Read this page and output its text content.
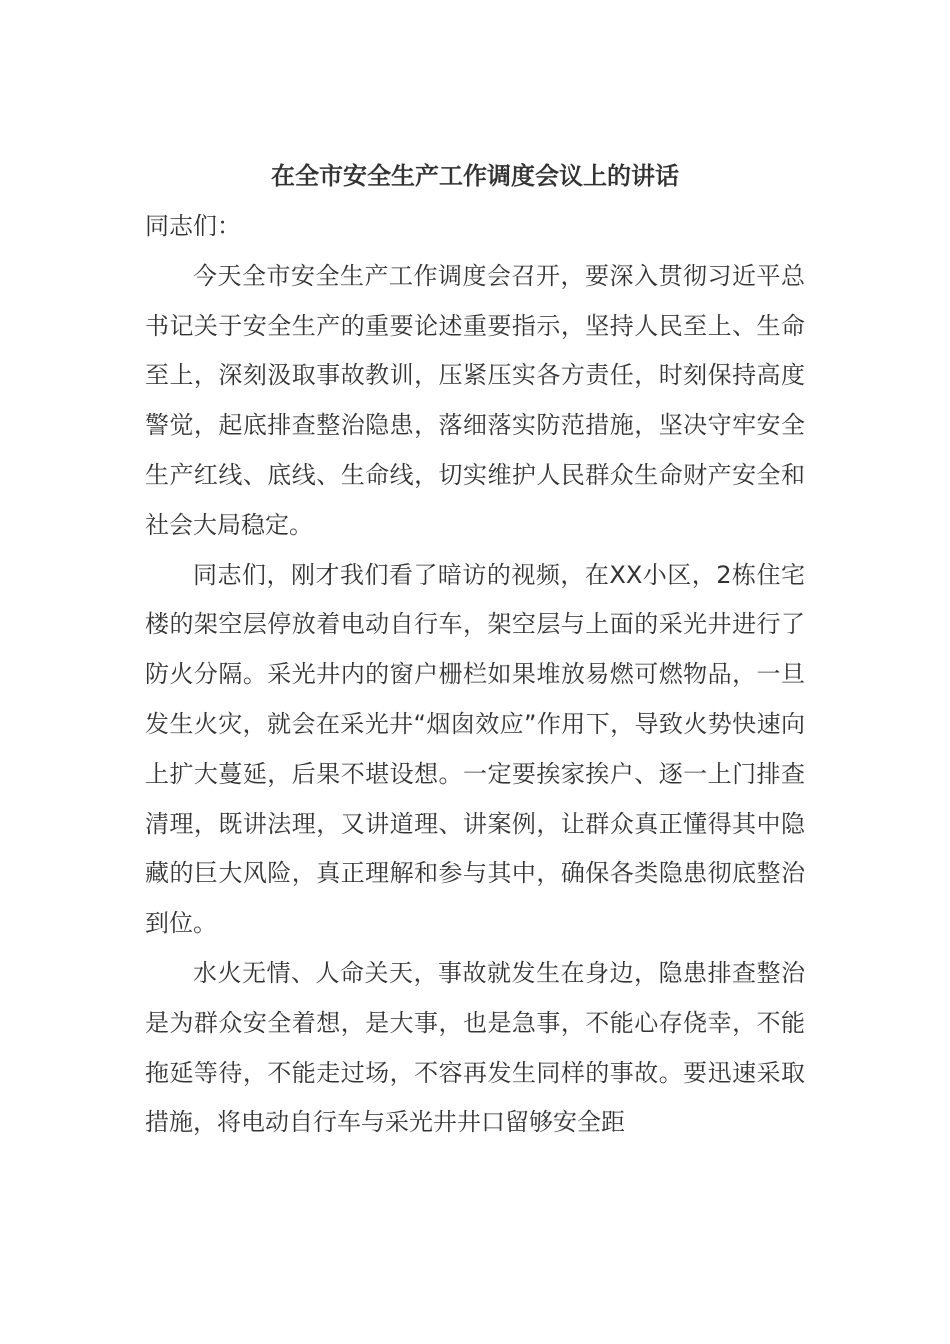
在全市安全生产工作调度会议上的讲话

同志们：

今天全市安全生产工作调度会召开，要深入贯彻习近平总书记关于安全生产的重要论述重要指示，坚持人民至上、生命至上，深刻汲取事故教训，压紧压实各方责任，时刻保持高度警觉，起底排查整治隐患，落细落实防范措施，坚决守牢安全生产红线、底线、生命线，切实维护人民群众生命财产安全和社会大局稳定。

同志们，刚才我们看了暗访的视频，在XX小区，2栋住宅楼的架空层停放着电动自行车，架空层与上面的采光井进行了防火分隔。采光井内的窗户栅栏如果堆放易燃可燃物品，一旦发生火灾，就会在采光井“烟囱效应”作用下，导致火势快速向上扩大蔓延，后果不堪设想。一定要挨家挨户、逐一上门排查清理，既讲法理，又讲道理、讲案例，让群众真正懂得其中隐藏的巨大风险，真正理解和参与其中，确保各类隐患彻底整治到位。

水火无情、人命关天，事故就发生在身边，隐患排查整治是为群众安全着想，是大事，也是急事，不能心存侥幸，不能拖延等待，不能走过场，不容再发生同样的事故。要迅速采取措施，将电动自行车与采光井井口留够安全距
